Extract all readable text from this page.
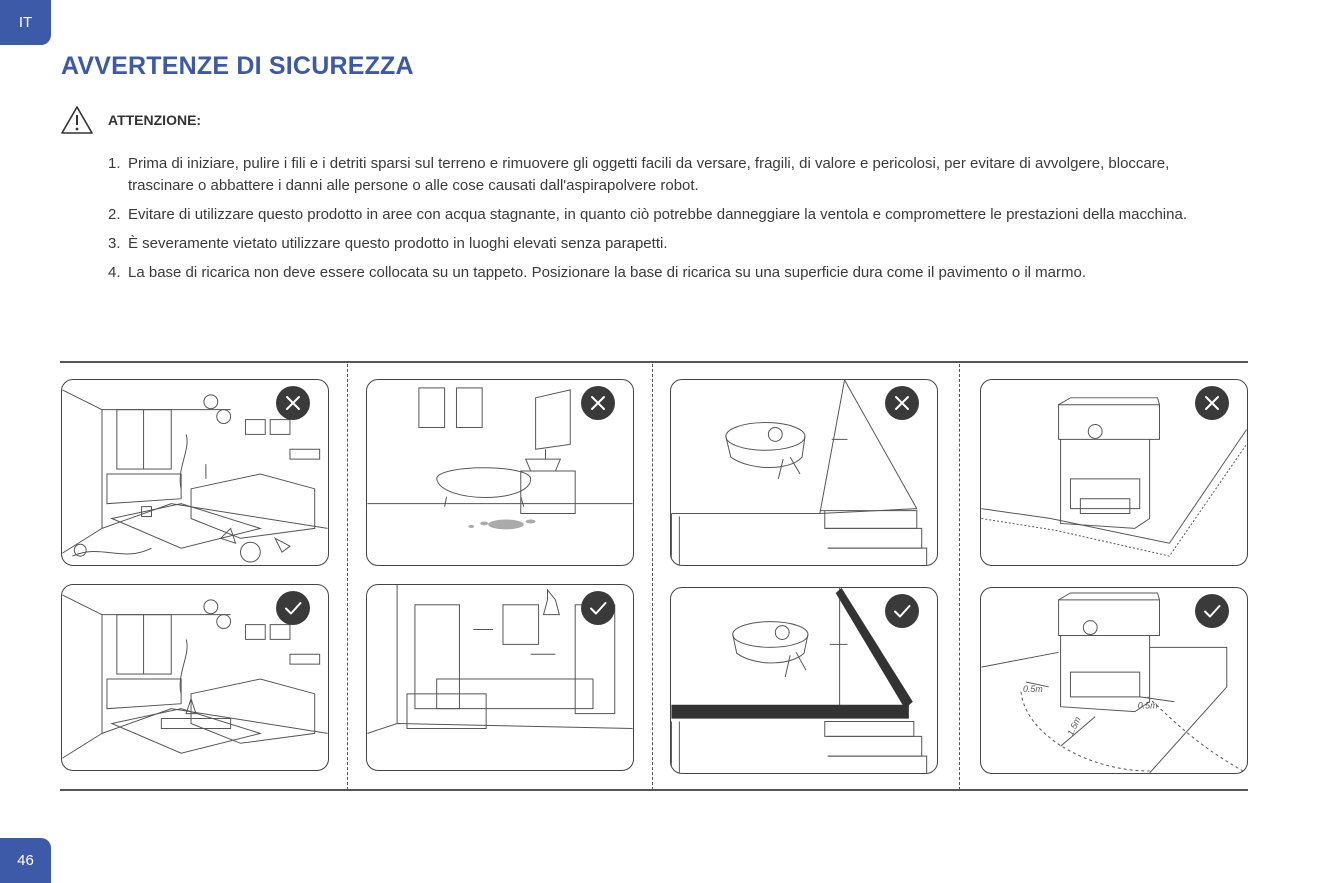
IT
46
AVVERTENZE DI SICUREZZA
ATTENZIONE:
1. Prima di iniziare, pulire i fili e i detriti sparsi sul terreno e rimuovere gli oggetti facili da versare, fragili, di valore e pericolosi, per evitare di avvolgere, bloccare, trascinare o abbattere i danni alle persone o alle cose causati dall'aspirapolvere robot.
2. Evitare di utilizzare questo prodotto in aree con acqua stagnante, in quanto ciò potrebbe danneggiare la ventola e compromettere le prestazioni della macchina.
3. È severamente vietato utilizzare questo prodotto in luoghi elevati senza parapetti.
4. La base di ricarica non deve essere collocata su un tappeto. Posizionare la base di ricarica su una superficie dura come il pavimento o il marmo.
0.5m
0.5m
1.5m
